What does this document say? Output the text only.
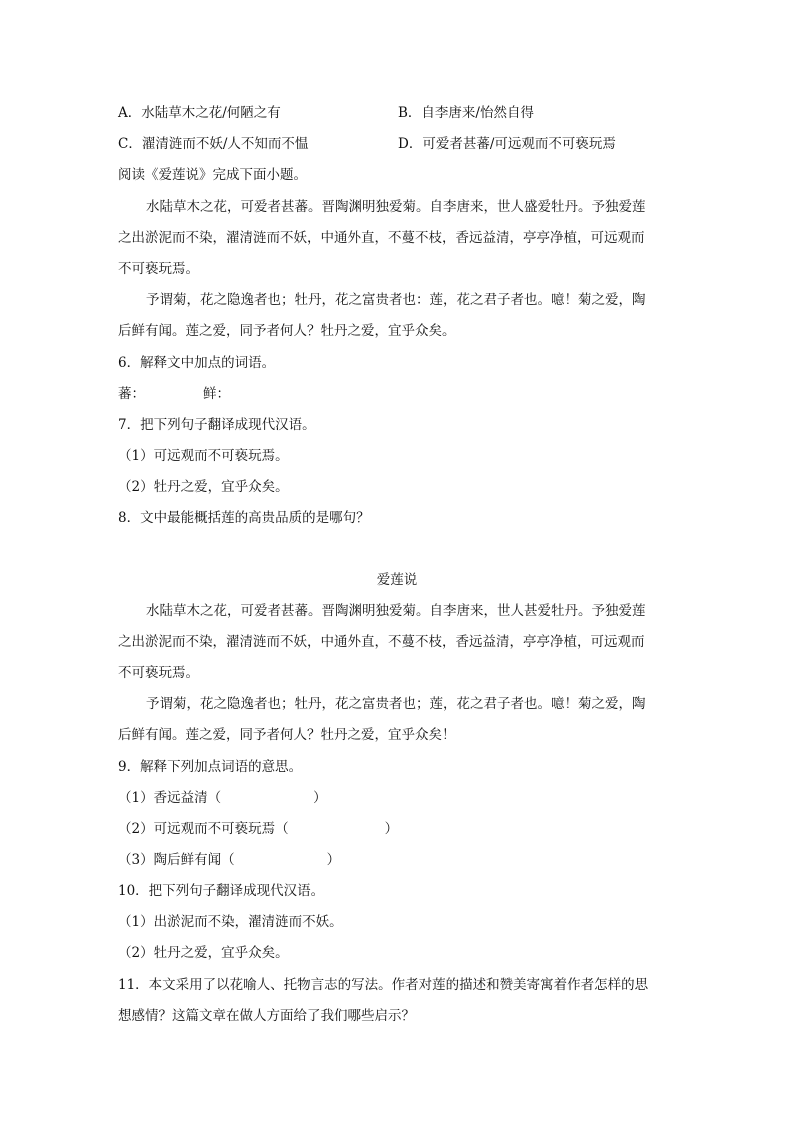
A．水陆草木之花/何陋之有	B．自李唐来/怡然自得
C．濯清涟而不妖/人不知而不愠	D．可爱者甚蕃/可远观而不可亵玩焉
阅读《爱莲说》完成下面小题。
水陆草木之花，可爱者甚蕃。晋陶渊明独爱菊。自李唐来，世人盛爱牡丹。予独爱莲
之出淤泥而不染，濯清涟而不妖，中通外直，不蔓不枝，香远益清，亭亭净植，可远观而
不可亵玩焉。
予谓菊，花之隐逸者也；牡丹，花之富贵者也：莲，花之君子者也。噫！菊之爱，陶
后鲜有闻。莲之爱，同予者何人？牡丹之爱，宜乎众矣。
6．解释文中加点的词语。
蕃：	鲜：
7．把下列句子翻译成现代汉语。
（1）可远观而不可亵玩焉。
（2）牡丹之爱，宜乎众矣。
8．文中最能概括莲的高贵品质的是哪句？
爱莲说
水陆草木之花，可爱者甚蕃。晋陶渊明独爱菊。自李唐来，世人甚爱牡丹。予独爱莲
之出淤泥而不染，濯清涟而不妖，中通外直，不蔓不枝，香远益清，亭亭净植，可远观而
不可亵玩焉。
予谓菊，花之隐逸者也；牡丹，花之富贵者也；莲，花之君子者也。噫！菊之爱，陶
后鲜有闻。莲之爱，同予者何人？牡丹之爱，宜乎众矣！
9．解释下列加点词语的意思。
（1）香远益清（	）
（2）可远观而不可亵玩焉（	）
（3）陶后鲜有闻（	）
10．把下列句子翻译成现代汉语。
（1）出淤泥而不染，濯清涟而不妖。
（2）牡丹之爱，宜乎众矣。
11．本文采用了以花喻人、托物言志的写法。作者对莲的描述和赞美寄寓着作者怎样的思
想感情？这篇文章在做人方面给了我们哪些启示？
